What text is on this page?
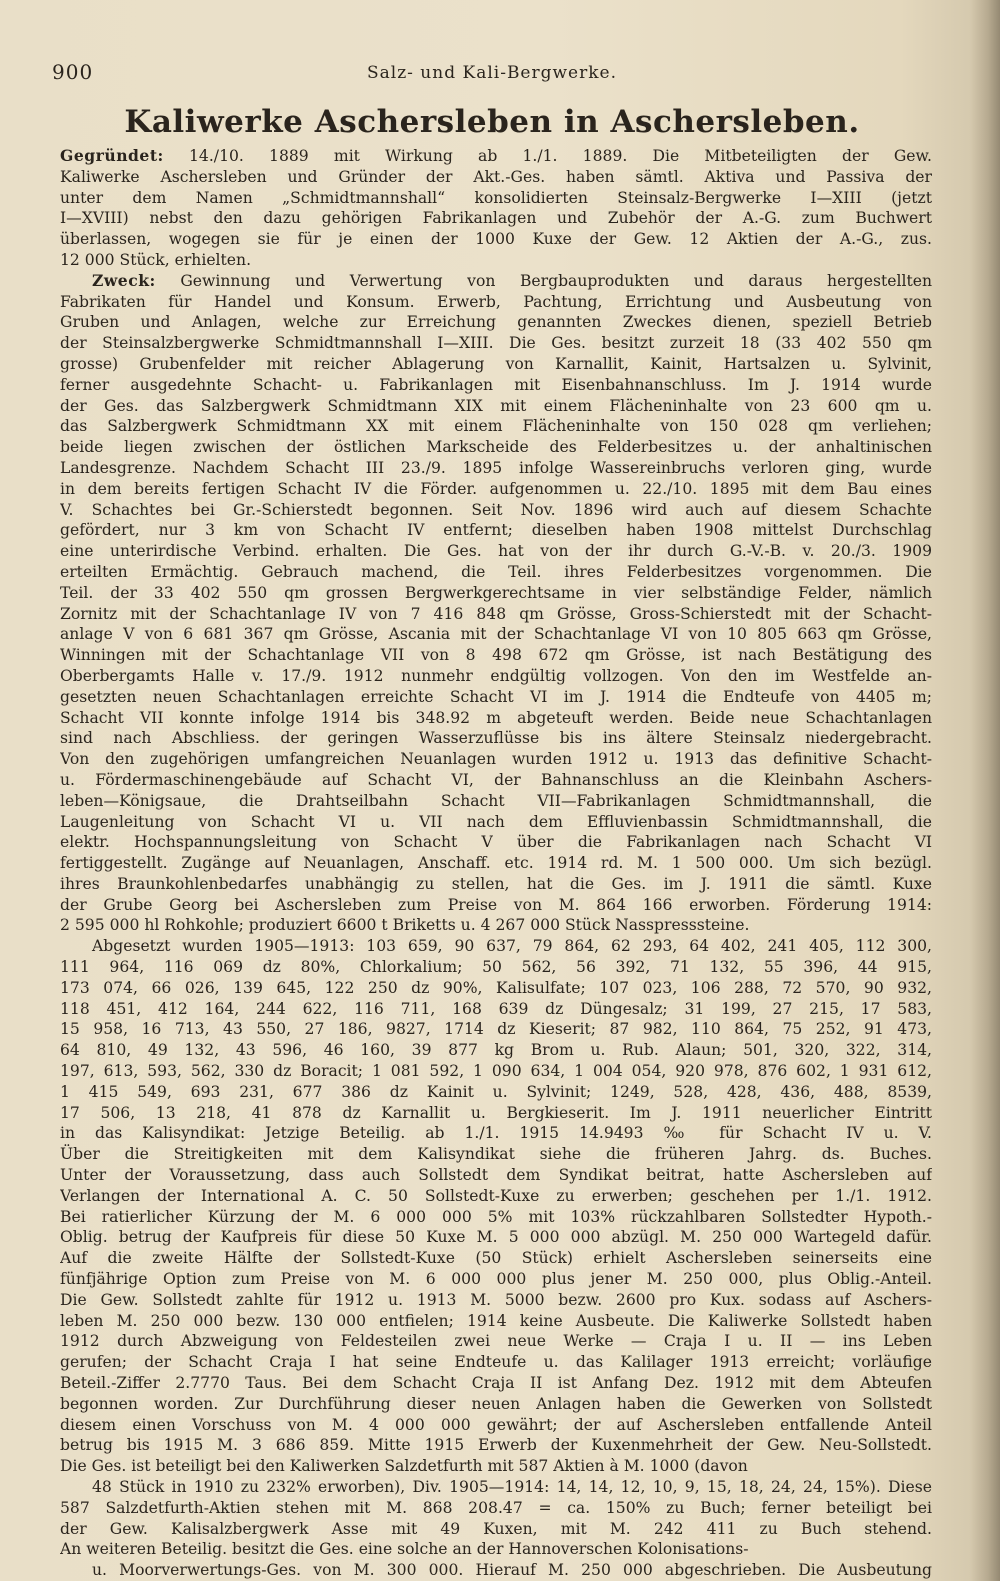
900	Salz- und Kali-Bergwerke.
Kaliwerke Aschersleben in Aschersleben.
Gegründet: 14./10. 1889 mit Wirkung ab 1./1. 1889. Die Mitbeteiligten der Gew.
Kaliwerke Aschersleben und Gründer der Akt.-Ges. haben sämtl. Aktiva und Passiva der
unter dem Namen „Schmidtmannshall“ konsolidierten Steinsalz-Bergwerke I—XIII (jetzt
I—XVIII) nebst den dazu gehörigen Fabrikanlagen und Zubehör der A.-G. zum Buchwert
überlassen, wogegen sie für je einen der 1000 Kuxe der Gew. 12 Aktien der A.-G., zus.
12 000 Stück, erhielten.
Zweck: Gewinnung und Verwertung von Bergbauprodukten und daraus hergestellten
Fabrikaten für Handel und Konsum. Erwerb, Pachtung, Errichtung und Ausbeutung von
Gruben und Anlagen, welche zur Erreichung genannten Zweckes dienen, speziell Betrieb
der Steinsalzbergwerke Schmidtmannshall I—XIII. Die Ges. besitzt zurzeit 18 (33 402 550 qm
grosse) Grubenfelder mit reicher Ablagerung von Karnallit, Kainit, Hartsalzen u. Sylvinit,
ferner ausgedehnte Schacht- u. Fabrikanlagen mit Eisenbahnanschluss. Im J. 1914 wurde
der Ges. das Salzbergwerk Schmidtmann XIX mit einem Flächeninhalte von 23 600 qm u.
das Salzbergwerk Schmidtmann XX mit einem Flächeninhalte von 150 028 qm verliehen;
beide liegen zwischen der östlichen Markscheide des Felderbesitzes u. der anhaltinischen
Landesgrenze. Nachdem Schacht III 23./9. 1895 infolge Wassereinbruchs verloren ging, wurde
in dem bereits fertigen Schacht IV die Förder. aufgenommen u. 22./10. 1895 mit dem Bau eines
V. Schachtes bei Gr.-Schierstedt begonnen. Seit Nov. 1896 wird auch auf diesem Schachte
gefördert, nur 3 km von Schacht IV entfernt; dieselben haben 1908 mittelst Durchschlag
eine unterirdische Verbind. erhalten. Die Ges. hat von der ihr durch G.-V.-B. v. 20./3. 1909
erteilten Ermächtig. Gebrauch machend, die Teil. ihres Felderbesitzes vorgenommen. Die
Teil. der 33 402 550 qm grossen Bergwerkgerechtsame in vier selbständige Felder, nämlich
Zornitz mit der Schachtanlage IV von 7 416 848 qm Grösse, Gross-Schierstedt mit der Schacht-
anlage V von 6 681 367 qm Grösse, Ascania mit der Schachtanlage VI von 10 805 663 qm Grösse,
Winningen mit der Schachtanlage VII von 8 498 672 qm Grösse, ist nach Bestätigung des
Oberbergamts Halle v. 17./9. 1912 nunmehr endgültig vollzogen. Von den im Westfelde an-
gesetzten neuen Schachtanlagen erreichte Schacht VI im J. 1914 die Endteufe von 4405 m;
Schacht VII konnte infolge 1914 bis 348.92 m abgeteuft werden. Beide neue Schachtanlagen
sind nach Abschliess. der geringen Wasserzuflüsse bis ins ältere Steinsalz niedergebracht.
Von den zugehörigen umfangreichen Neuanlagen wurden 1912 u. 1913 das definitive Schacht-
u. Fördermaschinengebäude auf Schacht VI, der Bahnanschluss an die Kleinbahn Aschers-
leben—Königsaue, die Drahtseilbahn Schacht VII—Fabrikanlagen Schmidtmannshall, die
Laugenleitung von Schacht VI u. VII nach dem Effluvienbassin Schmidtmannshall, die
elektr. Hochspannungsleitung von Schacht V über die Fabrikanlagen nach Schacht VI
fertiggestellt. Zugänge auf Neuanlagen, Anschaff. etc. 1914 rd. M. 1 500 000. Um sich bezügl.
ihres Braunkohlenbedarfes unabhängig zu stellen, hat die Ges. im J. 1911 die sämtl. Kuxe
der Grube Georg bei Aschersleben zum Preise von M. 864 166 erworben. Förderung 1914:
2 595 000 hl Rohkohle; produziert 6600 t Briketts u. 4 267 000 Stück Nasspresssteine.
Abgesetzt wurden 1905—1913: 103 659, 90 637, 79 864, 62 293, 64 402, 241 405, 112 300,
111 964, 116 069 dz 80%, Chlorkalium; 50 562, 56 392, 71 132, 55 396, 44 915,
173 074, 66 026, 139 645, 122 250 dz 90%, Kalisulfate; 107 023, 106 288, 72 570, 90 932,
118 451, 412 164, 244 622, 116 711, 168 639 dz Düngesalz; 31 199, 27 215, 17 583,
15 958, 16 713, 43 550, 27 186, 9827, 1714 dz Kieserit; 87 982, 110 864, 75 252, 91 473,
64 810, 49 132, 43 596, 46 160, 39 877 kg Brom u. Rub. Alaun; 501, 320, 322, 314,
197, 613, 593, 562, 330 dz Boracit; 1 081 592, 1 090 634, 1 004 054, 920 978, 876 602, 1 931 612,
1 415 549, 693 231, 677 386 dz Kainit u. Sylvinit; 1249, 528, 428, 436, 488, 8539,
17 506, 13 218, 41 878 dz Karnallit u. Bergkieserit. Im J. 1911 neuerlicher Eintritt
in das Kalisyndikat: Jetzige Beteilig. ab 1./1. 1915 14.9493 ‰ für Schacht IV u. V.
Über die Streitigkeiten mit dem Kalisyndikat siehe die früheren Jahrg. ds. Buches.
Unter der Voraussetzung, dass auch Sollstedt dem Syndikat beitrat, hatte Aschersleben auf
Verlangen der International A. C. 50 Sollstedt-Kuxe zu erwerben; geschehen per 1./1. 1912.
Bei ratierlicher Kürzung der M. 6 000 000 5% mit 103% rückzahlbaren Sollstedter Hypoth.-
Oblig. betrug der Kaufpreis für diese 50 Kuxe M. 5 000 000 abzügl. M. 250 000 Wartegeld dafür.
Auf die zweite Hälfte der Sollstedt-Kuxe (50 Stück) erhielt Aschersleben seinerseits eine
fünfjährige Option zum Preise von M. 6 000 000 plus jener M. 250 000, plus Oblig.-Anteil.
Die Gew. Sollstedt zahlte für 1912 u. 1913 M. 5000 bezw. 2600 pro Kux. sodass auf Aschers-
leben M. 250 000 bezw. 130 000 entfielen; 1914 keine Ausbeute. Die Kaliwerke Sollstedt haben
1912 durch Abzweigung von Feldesteilen zwei neue Werke — Craja I u. II — ins Leben
gerufen; der Schacht Craja I hat seine Endteufe u. das Kalilager 1913 erreicht; vorläufige
Beteil.-Ziffer 2.7770 Taus. Bei dem Schacht Craja II ist Anfang Dez. 1912 mit dem Abteufen
begonnen worden. Zur Durchführung dieser neuen Anlagen haben die Gewerken von Sollstedt
diesem einen Vorschuss von M. 4 000 000 gewährt; der auf Aschersleben entfallende Anteil
betrug bis 1915 M. 3 686 859. Mitte 1915 Erwerb der Kuxenmehrheit der Gew. Neu-Sollstedt.
Die Ges. ist beteiligt bei den Kaliwerken Salzdetfurth mit 587 Aktien à M. 1000 (davon
48 Stück in 1910 zu 232% erworben), Div. 1905—1914: 14, 14, 12, 10, 9, 15, 18, 24, 24, 15%). Diese
587 Salzdetfurth-Aktien stehen mit M. 868 208.47 = ca. 150% zu Buch; ferner beteiligt bei
der Gew. Kalisalzbergwerk Asse mit 49 Kuxen, mit M. 242 411 zu Buch stehend.
An weiteren Beteilig. besitzt die Ges. eine solche an der Hannoverschen Kolonisations-
u. Moorverwertungs-Ges. von M. 300 000. Hierauf M. 250 000 abgeschrieben. Die Ausbeutung
